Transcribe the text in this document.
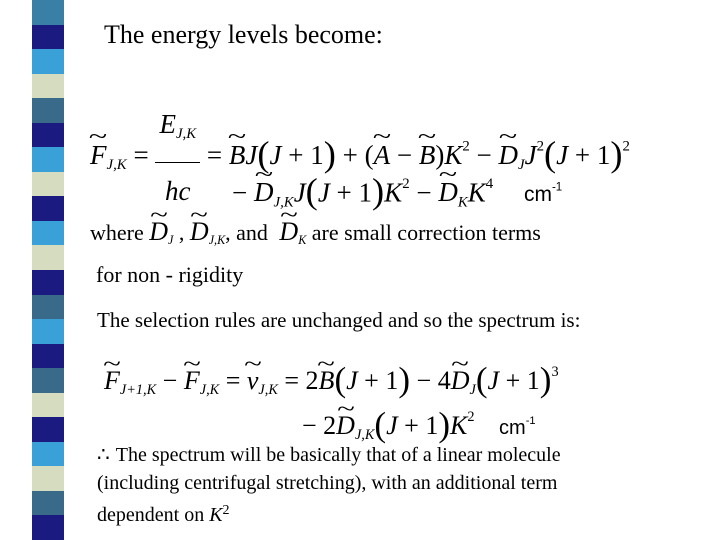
The energy levels become:
~ $F_{J,K} = \frac{E_{J,K}}{hc}$ = ~ BJ(J + 1) + (~ A − ~ $B)K^2$ − ~ $D_JJ^2(J + 1)^2$
− ~ $D_{J,K}J(J + 1)K^2$ − ~ $D_KK^4$ $cm^{-1}$
where ~ $D_J$ , ~ $D_{J,K}$, and ~ $D_K$ are small correction terms
for non - rigidity
The selection rules are unchanged and so the spectrum is:
~ $F_{J+1,K}$ − ~ $F_{J,K}$ = ~ $\nu_{J,K}$ = 2~ B(J + 1) − 4~ $D_J(J + 1)^3$
− 2~ $D_{J,K}(J + 1)K^2$ $cm^{-1}$
∴ The spectrum will be basically that of a linear molecule
(including centrifugal stretching), with an additional term
dependent on $K^2$
